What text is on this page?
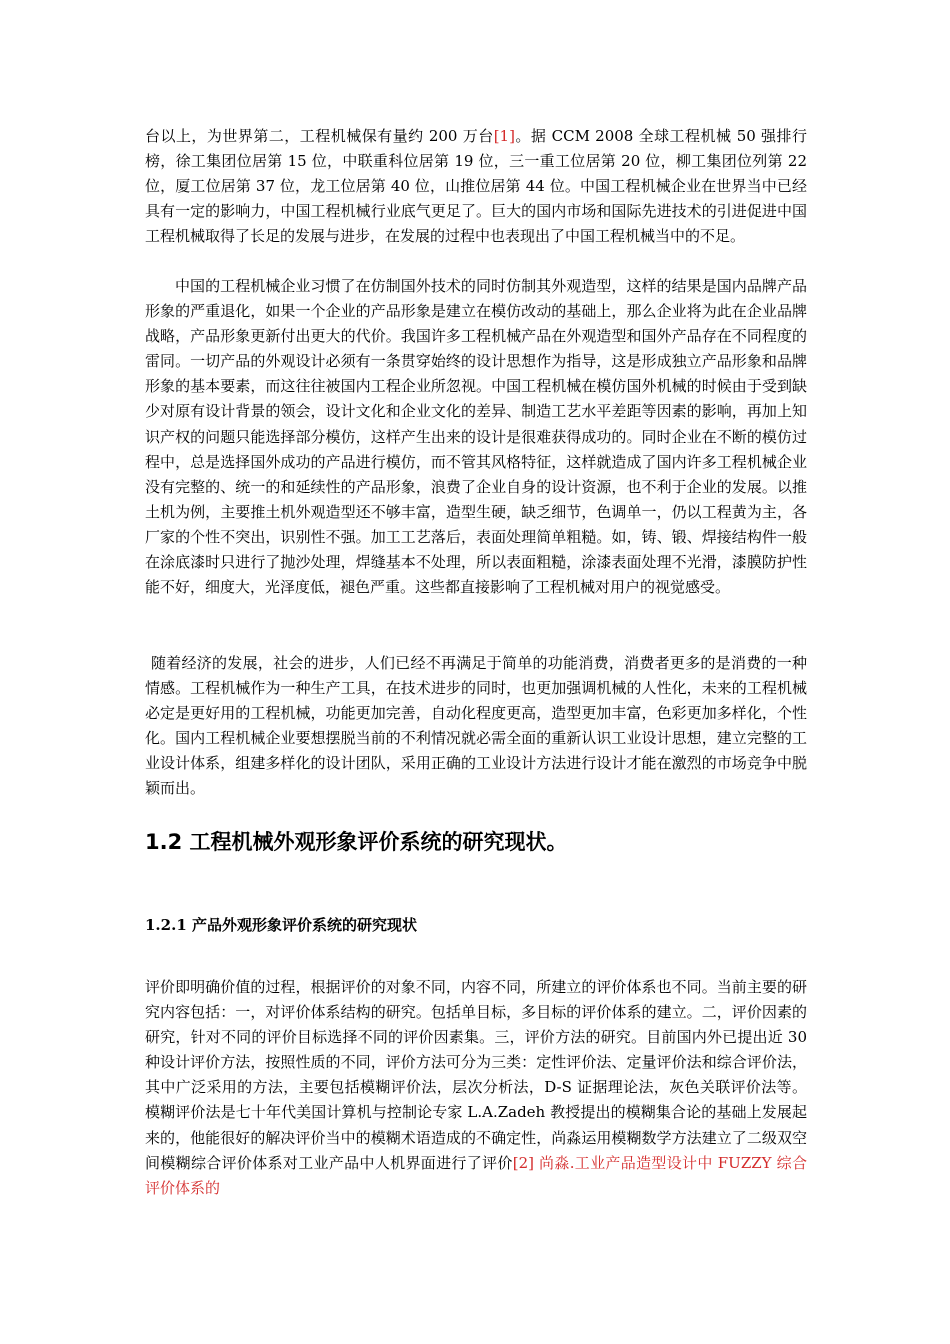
台以上，为世界第二，工程机械保有量约 200 万台[1]。据 CCM 2008 全球工程机械 50 强排行榜，徐工集团位居第 15 位，中联重科位居第 19 位，三一重工位居第 20 位，柳工集团位列第 22 位，厦工位居第 37 位，龙工位居第 40 位，山推位居第 44 位。中国工程机械企业在世界当中已经具有一定的影响力，中国工程机械行业底气更足了。巨大的国内市场和国际先进技术的引进促进中国工程机械取得了长足的发展与进步，在发展的过程中也表现出了中国工程机械当中的不足。

中国的工程机械企业习惯了在仿制国外技术的同时仿制其外观造型，这样的结果是国内品牌产品形象的严重退化，如果一个企业的产品形象是建立在模仿改动的基础上，那么企业将为此在企业品牌战略，产品形象更新付出更大的代价。我国许多工程机械产品在外观造型和国外产品存在不同程度的雷同。一切产品的外观设计必须有一条贯穿始终的设计思想作为指导，这是形成独立产品形象和品牌形象的基本要素，而这往往被国内工程企业所忽视。中国工程机械在模仿国外机械的时候由于受到缺少对原有设计背景的领会，设计文化和企业文化的差异、制造工艺水平差距等因素的影响，再加上知识产权的问题只能选择部分模仿，这样产生出来的设计是很难获得成功的。同时企业在不断的模仿过程中，总是选择国外成功的产品进行模仿，而不管其风格特征，这样就造成了国内许多工程机械企业没有完整的、统一的和延续性的产品形象，浪费了企业自身的设计资源，也不利于企业的发展。以推土机为例，主要推土机外观造型还不够丰富，造型生硬，缺乏细节，色调单一，仍以工程黄为主，各厂家的个性不突出，识别性不强。加工工艺落后，表面处理简单粗糙。如，铸、锻、焊接结构件一般在涂底漆时只进行了抛沙处理，焊缝基本不处理，所以表面粗糙，涂漆表面处理不光滑，漆膜防护性能不好，细度大，光泽度低，褪色严重。这些都直接影响了工程机械对用户的视觉感受。

随着经济的发展，社会的进步，人们已经不再满足于简单的功能消费，消费者更多的是消费的一种情感。工程机械作为一种生产工具，在技术进步的同时，也更加强调机械的人性化，未来的工程机械必定是更好用的工程机械，功能更加完善，自动化程度更高，造型更加丰富，色彩更加多样化，个性化。国内工程机械企业要想摆脱当前的不利情况就必需全面的重新认识工业设计思想，建立完整的工业设计体系，组建多样化的设计团队，采用正确的工业设计方法进行设计才能在激烈的市场竞争中脱颖而出。

1.2 工程机械外观形象评价系统的研究现状。
1.2.1 产品外观形象评价系统的研究现状

评价即明确价值的过程，根据评价的对象不同，内容不同，所建立的评价体系也不同。当前主要的研究内容包括：一，对评价体系结构的研究。包括单目标，多目标的评价体系的建立。二，评价因素的研究，针对不同的评价目标选择不同的评价因素集。三，评价方法的研究。目前国内外已提出近 30 种设计评价方法，按照性质的不同，评价方法可分为三类：定性评价法、定量评价法和综合评价法，其中广泛采用的方法，主要包括模糊评价法，层次分析法，D-S 证据理论法，灰色关联评价法等。模糊评价法是七十年代美国计算机与控制论专家 L.A.Zadeh 教授提出的模糊集合论的基础上发展起来的，他能很好的解决评价当中的模糊术语造成的不确定性，尚淼运用模糊数学方法建立了二级双空间模糊综合评价体系对工业产品中人机界面进行了评价[2] 尚淼.工业产品造型设计中 FUZZY 综合评价体系的
